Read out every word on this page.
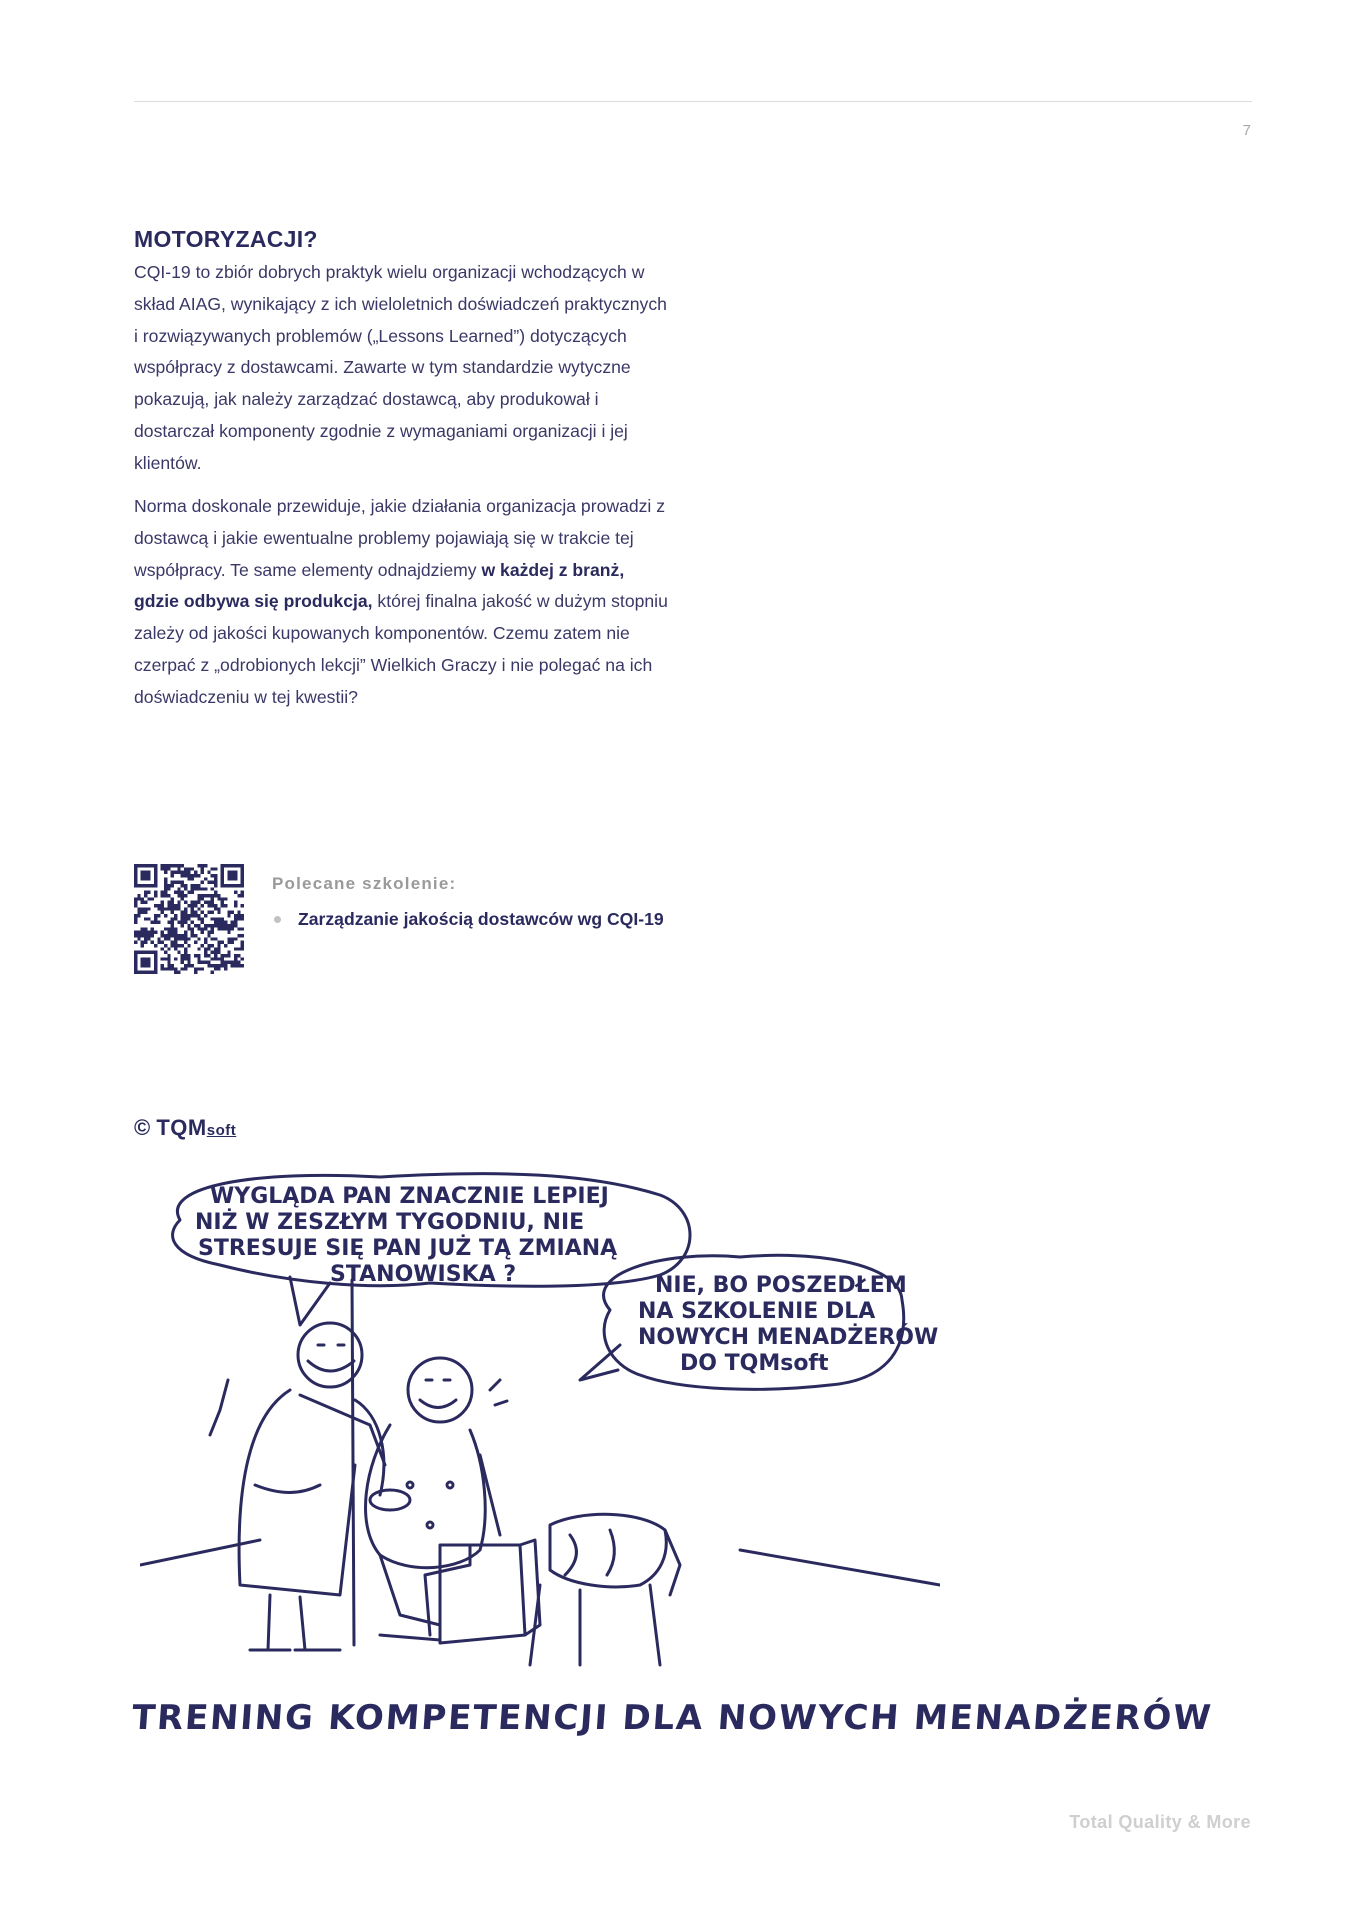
7
MOTORYZACJI?

CQI-19 to zbiór dobrych praktyk wielu organizacji wchodzących w skład AIAG, wynikający z ich wieloletnich doświadczeń praktycznych i rozwiązywanych problemów („Lessons Learned”) dotyczących współpracy z dostawcami. Zawarte w tym standardzie wytyczne pokazują, jak należy zarządzać dostawcą, aby produkował i dostarczał komponenty zgodnie z wymaganiami organizacji i jej klientów.

Norma doskonale przewiduje, jakie działania organizacja prowadzi z dostawcą i jakie ewentualne problemy pojawiają się w trakcie tej współpracy. Te same elementy odnajdziemy w każdej z branż, gdzie odbywa się produkcja, której finalna jakość w dużym stopniu zależy od jakości kupowanych komponentów. Czemu zatem nie czerpać z „odrobionych lekcji” Wielkich Graczy i nie polegać na ich doświadczeniu w tej kwestii?

Polecane szkolenie:
Zarządzanie jakością dostawców wg CQI-19
© TQMsoft
WYGLĄDA PAN ZNACZNIE LEPIEJ
NIŻ W ZESZŁYM TYGODNIU, NIE
STRESUJE SIĘ PAN JUŻ TĄ ZMIANĄ
STANOWISKA ?	NIE, BO POSZEDŁEM
NA SZKOLENIE DLA
NOWYCH MENADŻERÓW
DO TQMsoft
TRENING KOMPETENCJI DLA NOWYCH MENADŻERÓW
Total Quality & More
